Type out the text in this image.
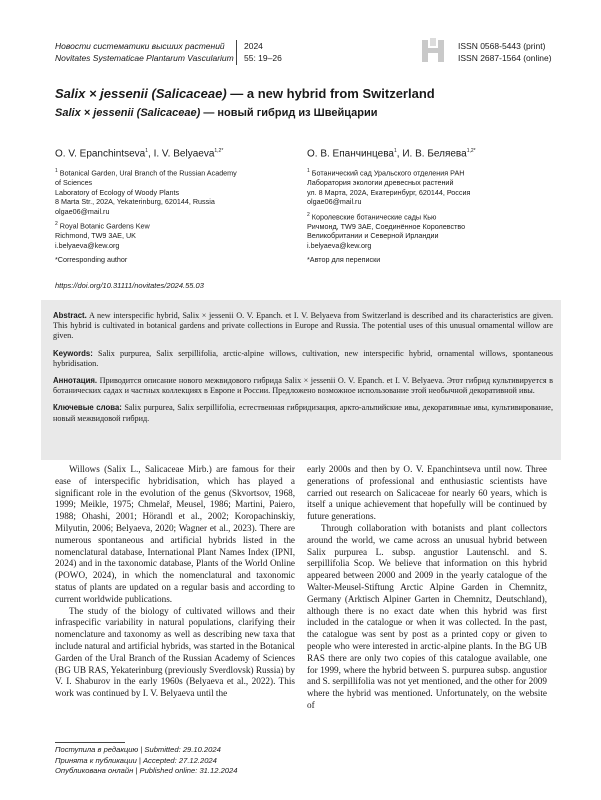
Новости систематики высших растений
Novitates Systematicae Plantarum Vascularium
2024
55: 19–26
ISSN 0568-5443 (print)
ISSN 2687-1564 (online)
Salix × jessenii (Salicaceae) — a new hybrid from Switzerland
Salix × jessenii (Salicaceae) — новый гибрид из Швейцарии
O. V. Epanchintseva$^1$, I. V. Belyaeva$^{1,2*}$	О. В. Епанчинцева$^1$, И. В. Беляева$^{1,2*}$
$^1$ Botanical Garden, Ural Branch of the Russian Academy
of Sciences
Laboratory of Ecology of Woody Plants
8 Marta Str., 202A, Yekaterinburg, 620144, Russia
olgae06@mail.ru
$^2$ Royal Botanic Gardens Kew
Richmond, TW9 3AE, UK
i.belyaeva@kew.org
*Corresponding author
$^1$ Ботанический сад Уральского отделения РАН
Лаборатория экологии древесных растений
ул. 8 Марта, 202А, Екатеринбург, 620144, Россия
olgae06@mail.ru
$^2$ Королевские ботанические сады Кью
Ричмонд, TW9 3AE, Соединённое Королевство
Великобритании и Северной Ирландии
i.belyaeva@kew.org
*Автор для переписки
https://doi.org/10.31111/novitates/2024.55.03

Abstract. A new interspecific hybrid, Salix × jessenii O. V. Epanch. et I. V. Belyaeva from Switzerland is described and its characteristics are given. This hybrid is cultivated in botanical gardens and private collections in Europe and Russia. The potential uses of this unusual ornamental willow are given.

Keywords: Salix purpurea, Salix serpillifolia, arctic-alpine willows, cultivation, new interspecific hybrid, ornamental willows, spontaneous hybridisation.

Аннотация. Приводится описание нового межвидового гибрида Salix × jessenii O. V. Epanch. et I. V. Belyaeva. Этот гибрид культивируется в ботанических садах и частных коллекциях в Европе и России. Предложено возможное использование этой необычной декоративной ивы.

Ключевые слова: Salix purpurea, Salix serpillifolia, естественная гибридизация, аркто-альпийские ивы, декоративные ивы, культивирование, новый межвидовой гибрид.

Willows (Salix L., Salicaceae Mirb.) are famous for their ease of interspecific hybridisation, which has played a significant role in the evolution of the genus (Skvortsov, 1968, 1999; Meikle, 1975; Chmelař, Meusel, 1986; Martini, Paiero, 1988; Ohashi, 2001; Hörandl et al., 2002; Koropachinskiy, Milyutin, 2006; Belyaeva, 2020; Wagner et al., 2023). There are numerous spontaneous and artificial hybrids listed in the nomenclatural database, International Plant Names Index (IPNI, 2024) and in the taxonomic database, Plants of the World Online (POWO, 2024), in which the nomenclatural and taxonomic status of plants are updated on a regular basis and according to current worldwide publications.

The study of the biology of cultivated willows and their infraspecific variability in natural populations, clarifying their nomenclature and taxonomy as well as describing new taxa that include natural and artificial hybrids, was started in the Botanical Garden of the Ural Branch of the Russian Academy of Sciences (BG UB RAS, Yekaterinburg (previously Sverdlovsk) Russia) by V. I. Shaburov in the early 1960s (Belyaeva et al., 2022). This work was continued by I. V. Belyaeva until the

early 2000s and then by O. V. Epanchintseva until now. Three generations of professional and enthusiastic scientists have carried out research on Salicaceae for nearly 60 years, which is itself a unique achievement that hopefully will be continued by future generations.

Through collaboration with botanists and plant collectors around the world, we came across an unusual hybrid between Salix purpurea L. subsp. angustior Lautenschl. and S. serpillifolia Scop. We believe that information on this hybrid appeared between 2000 and 2009 in the yearly catalogue of the Walter-Meusel-Stiftung Arctic Alpine Garden in Chemnitz, Germany (Arktisch Alpiner Garten in Chemnitz, Deutschland), although there is no exact date when this hybrid was first included in the catalogue or when it was collected. In the past, the catalogue was sent by post as a printed copy or given to people who were interested in arctic-alpine plants. In the BG UB RAS there are only two copies of this catalogue available, one for 1999, where the hybrid between S. purpurea subsp. angustior and S. serpillifolia was not yet mentioned, and the other for 2009 where the hybrid was mentioned. Unfortunately, on the website of

Поступила в редакцию | Submitted: 29.10.2024
Принята к публикации | Accepted: 27.12.2024
Опубликована онлайн | Published online: 31.12.2024
